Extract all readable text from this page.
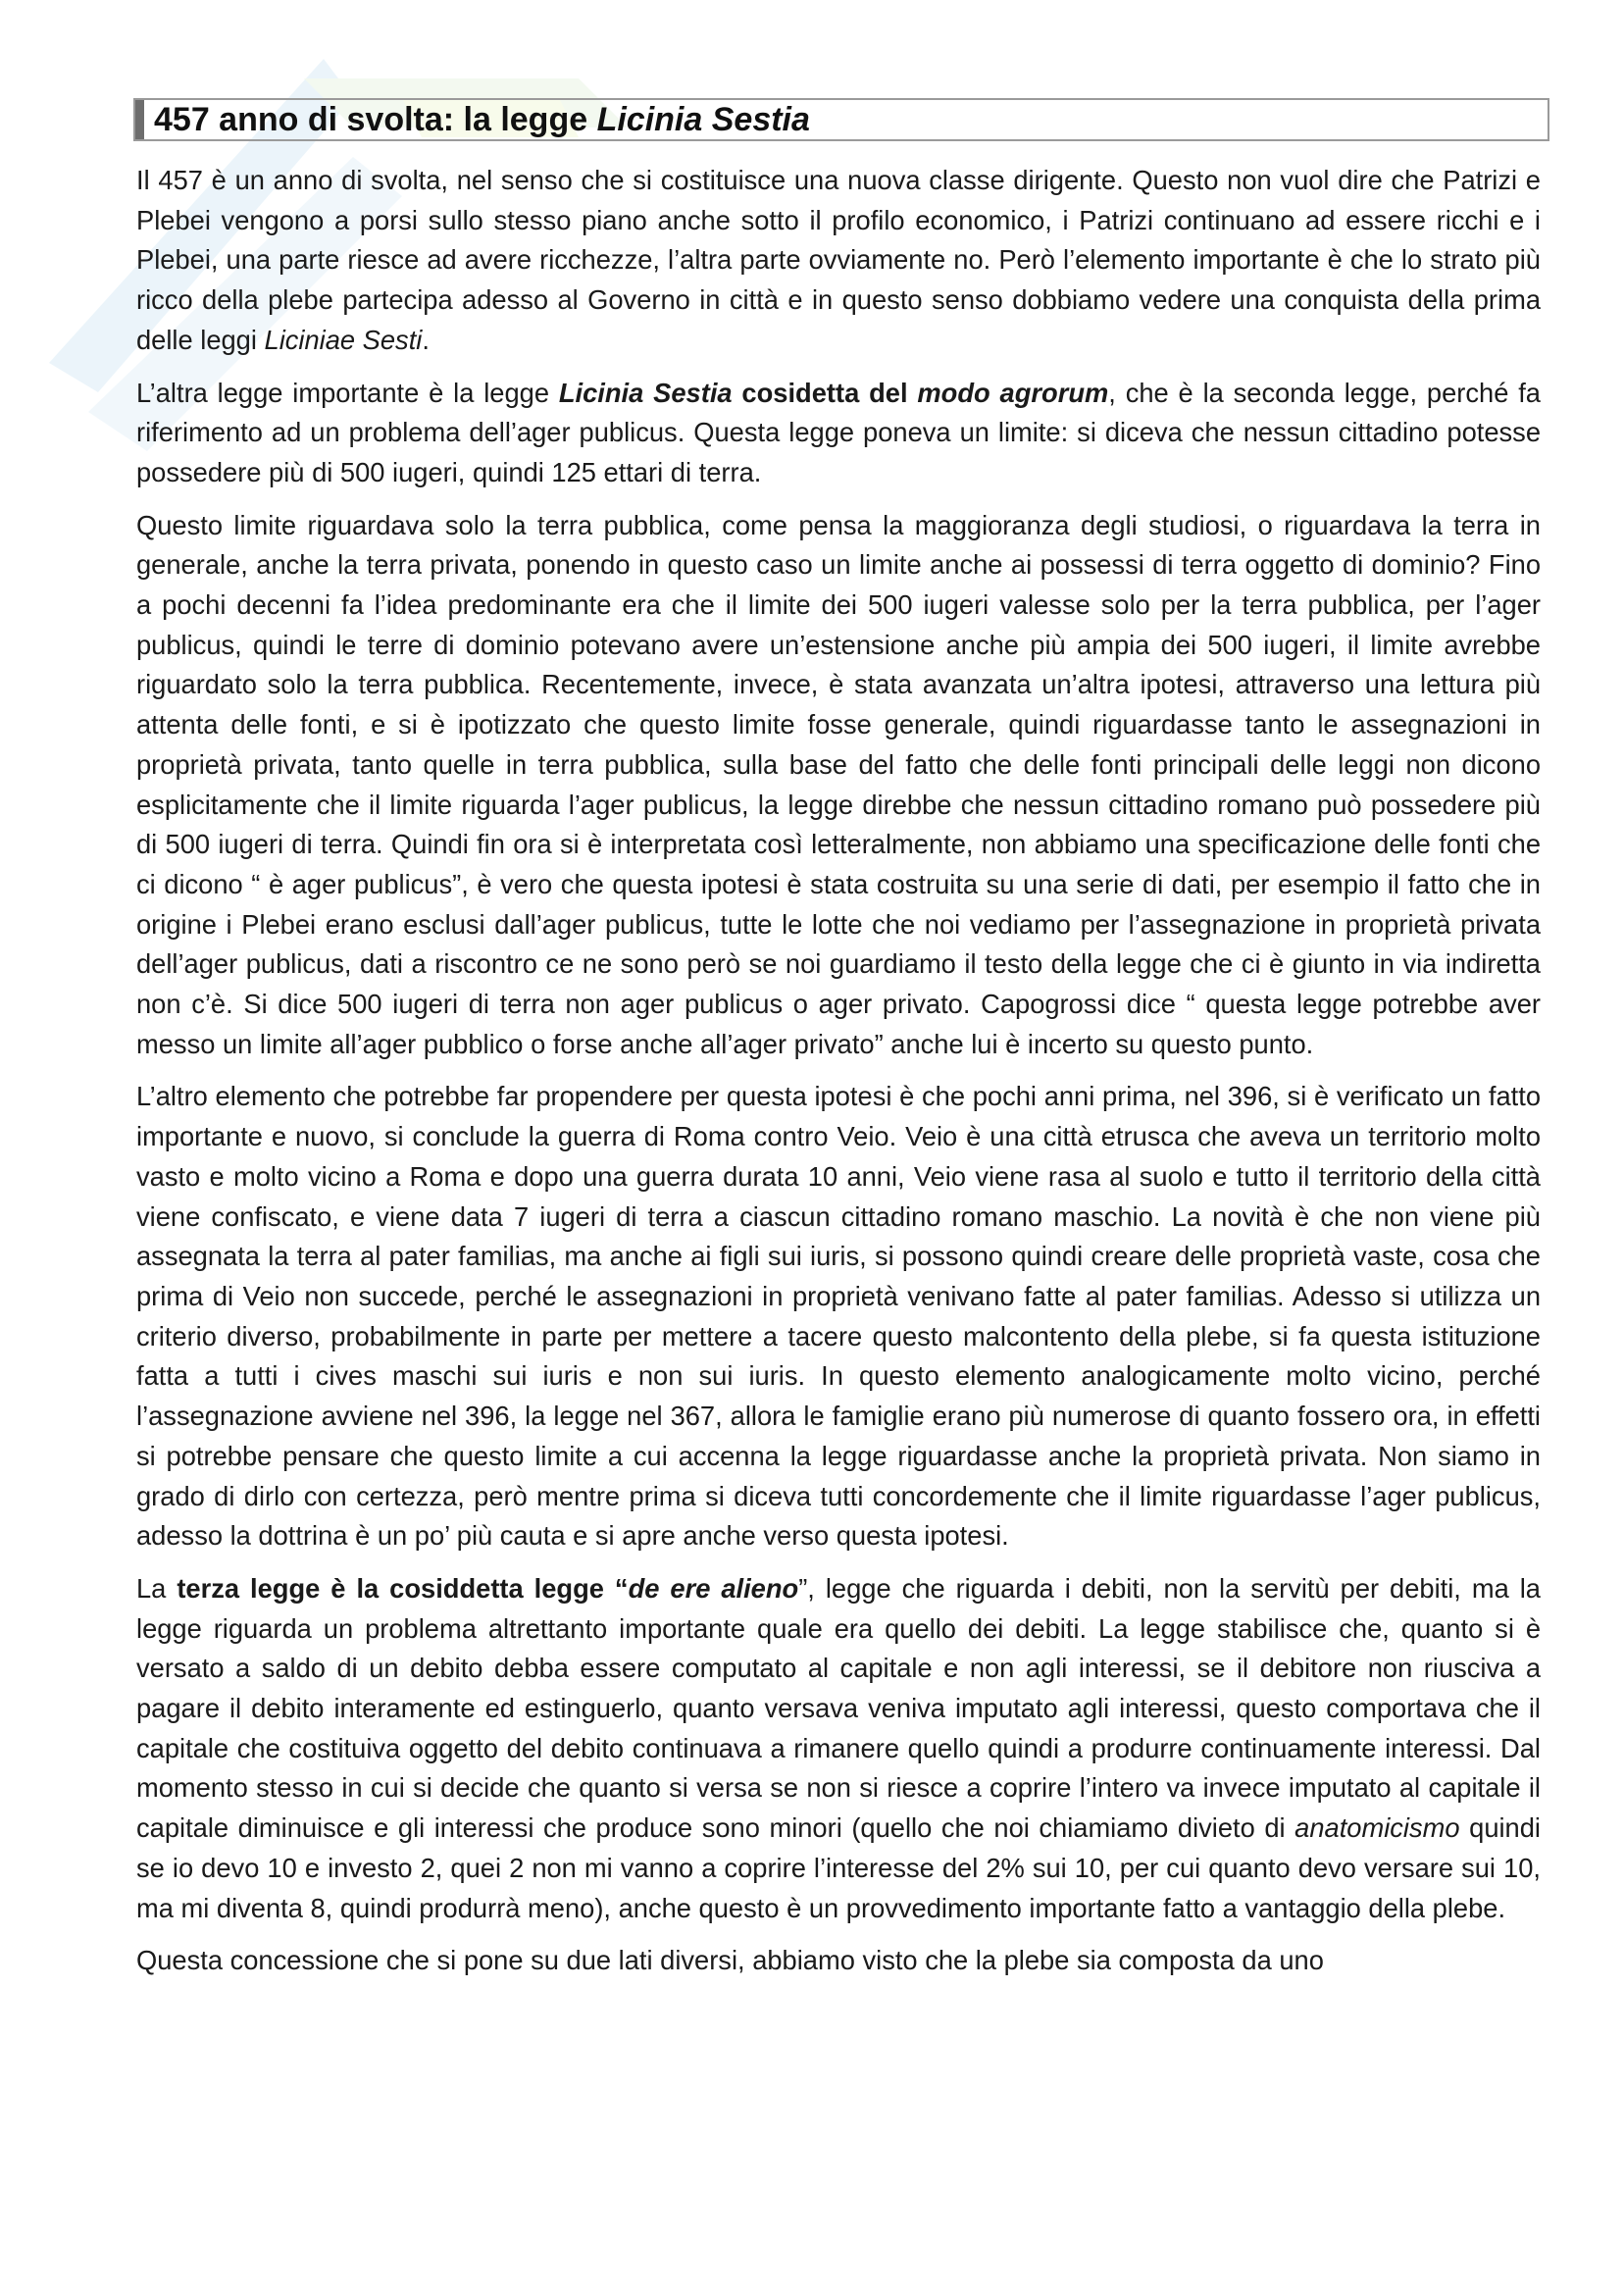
457 anno di svolta: la legge Licinia Sestia

Il 457 è un anno di svolta, nel senso che si costituisce una nuova classe dirigente. Questo non vuol dire che Patrizi e Plebei vengono a porsi sullo stesso piano anche sotto il profilo economico, i Patrizi continuano ad essere ricchi e i Plebei, una parte riesce ad avere ricchezze, l’altra parte ovviamente no. Però l’elemento importante è che lo strato più ricco della plebe partecipa adesso al Governo in città e in questo senso dobbiamo vedere una conquista della prima delle leggi Liciniae Sesti.

L’altra legge importante è la legge Licinia Sestia cosidetta del modo agrorum, che è la seconda legge, perché fa riferimento ad un problema dell’ager publicus. Questa legge poneva un limite: si diceva che nessun cittadino potesse possedere più di 500 iugeri, quindi 125 ettari di terra.

Questo limite riguardava solo la terra pubblica, come pensa la maggioranza degli studiosi, o riguardava la terra in generale, anche la terra privata, ponendo in questo caso un limite anche ai possessi di terra oggetto di dominio? Fino a pochi decenni fa l’idea predominante era che il limite dei 500 iugeri valesse solo per la terra pubblica, per l’ager publicus, quindi le terre di dominio potevano avere un’estensione anche più ampia dei 500 iugeri, il limite avrebbe riguardato solo la terra pubblica. Recentemente, invece, è stata avanzata un’altra ipotesi, attraverso una lettura più attenta delle fonti, e si è ipotizzato che questo limite fosse generale, quindi riguardasse tanto le assegnazioni in proprietà privata, tanto quelle in terra pubblica, sulla base del fatto che delle fonti principali delle leggi non dicono esplicitamente che il limite riguarda l’ager publicus, la legge direbbe che nessun cittadino romano può possedere più di 500 iugeri di terra. Quindi fin ora si è interpretata così letteralmente, non abbiamo una specificazione delle fonti che ci dicono “ è ager publicus”, è vero che questa ipotesi è stata costruita su una serie di dati, per esempio il fatto che in origine i Plebei erano esclusi dall’ager publicus, tutte le lotte che noi vediamo per l’assegnazione in proprietà privata dell’ager publicus, dati a riscontro ce ne sono però se noi guardiamo il testo della legge che ci è giunto in via indiretta non c’è. Si dice 500 iugeri di terra non ager publicus o ager privato. Capogrossi dice “ questa legge potrebbe aver messo un limite all’ager pubblico o forse anche all’ager privato” anche lui è incerto su questo punto.

L’altro elemento che potrebbe far propendere per questa ipotesi è che pochi anni prima, nel 396, si è verificato un fatto importante e nuovo, si conclude la guerra di Roma contro Veio. Veio è una città etrusca che aveva un territorio molto vasto e molto vicino a Roma e dopo una guerra durata 10 anni, Veio viene rasa al suolo e tutto il territorio della città viene confiscato, e viene data 7 iugeri di terra a ciascun cittadino romano maschio. La novità è che non viene più assegnata la terra al pater familias, ma anche ai figli sui iuris, si possono quindi creare delle proprietà vaste, cosa che prima di Veio non succede, perché le assegnazioni in proprietà venivano fatte al pater familias. Adesso si utilizza un criterio diverso, probabilmente in parte per mettere a tacere questo malcontento della plebe, si fa questa istituzione fatta a tutti i cives maschi sui iuris e non sui iuris. In questo elemento analogicamente molto vicino, perché l’assegnazione avviene nel 396, la legge nel 367, allora le famiglie erano più numerose di quanto fossero ora, in effetti si potrebbe pensare che questo limite a cui accenna la legge riguardasse anche la proprietà privata. Non siamo in grado di dirlo con certezza, però mentre prima si diceva tutti concordemente che il limite riguardasse l’ager publicus, adesso la dottrina è un po’ più cauta e si apre anche verso questa ipotesi.

La terza legge è la cosiddetta legge “de ere alieno”, legge che riguarda i debiti, non la servitù per debiti, ma la legge riguarda un problema altrettanto importante quale era quello dei debiti. La legge stabilisce che, quanto si è versato a saldo di un debito debba essere computato al capitale e non agli interessi, se il debitore non riusciva a pagare il debito interamente ed estinguerlo, quanto versava veniva imputato agli interessi, questo comportava che il capitale che costituiva oggetto del debito continuava a rimanere quello quindi a produrre continuamente interessi. Dal momento stesso in cui si decide che quanto si versa se non si riesce a coprire l’intero va invece imputato al capitale il capitale diminuisce e gli interessi che produce sono minori (quello che noi chiamiamo divieto di anatomicismo quindi se io devo 10 e investo 2, quei 2 non mi vanno a coprire l’interesse del 2% sui 10, per cui quanto devo versare sui 10, ma mi diventa 8, quindi produrrà meno), anche questo è un provvedimento importante fatto a vantaggio della plebe.

Questa concessione che si pone su due lati diversi, abbiamo visto che la plebe sia composta da uno
